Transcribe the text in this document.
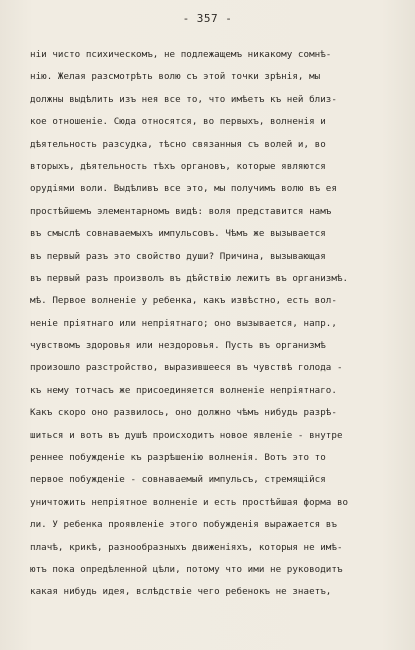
- 357 -
нiи чисто психическомъ, не подлежащемъ никакому сомнѣ-
нiю. Желая разсмотрѣть волю съ этой точки зрѣнiя, мы
должны выдѣлить изъ нея все то, что имѣетъ къ ней близ-
кое отношенiе. Сюда относятся, во первыхъ, волненiя и
дѣятельность разсудка, тѣсно связанныя съ волей и, во
вторыхъ, дѣятельность тѣхъ органовъ, которые являются
орудiями воли. Выдѣливъ все это, мы получимъ волю въ ея
простѣйшемъ элементарномъ видѣ: воля представится намъ
въ смыслѣ совнаваемыхъ импульсовъ. Чѣмъ же вызывается
въ первый разъ это свойство души? Причина, вызывающая
въ первый разъ произволъ въ дѣйствiю лежитъ въ организмѣ.
мѣ. Первое волненiе у ребенка, какъ извѣстно, есть вол-
ненiе прiятнаго или непрiятнаго; оно вызывается, напр.,
чувствомъ здоровья или нездоровья. Пусть въ организмѣ
произошло разстройство, выразившееся въ чувствѣ голода -
къ нему тотчасъ же присоединяется волненiе непрiятнаго.
Какъ скоро оно развилось, оно должно чѣмъ нибудь разрѣ-
шиться и вотъ въ душѣ происходитъ новое явленiе - внутре
реннее побужденiе къ разрѣшенiю волненiя. Вотъ это то
первое побужденiе - совнаваемый импульсъ, стремящiйся
уничтожить непрiятное волненiе и есть простѣйшая форма во
ли. У ребенка проявленiе этого побужденiя выражается въ
плачѣ, крикѣ, разнообразныхъ движенiяхъ, которыя не имѣ-
ютъ пока опредѣленной цѣли, потому что ими не руководитъ
какая нибудь идея, вслѣдствiе чего ребенокъ не знаетъ,
